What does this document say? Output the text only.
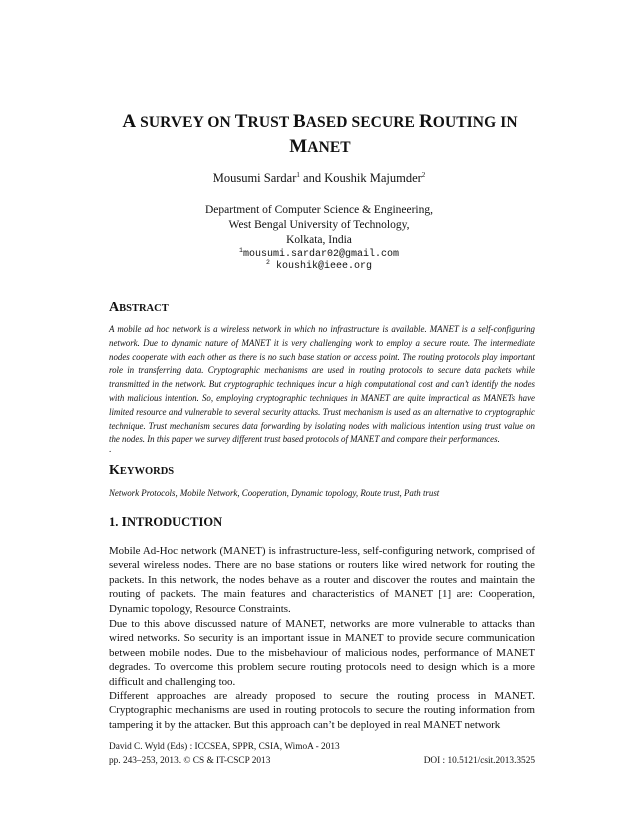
A SURVEY ON TRUST BASED SECURE ROUTING IN
MANET
Mousumi Sardar$^1$ and Koushik Majumder$^2$
Department of Computer Science & Engineering,
West Bengal University of Technology,
Kolkata, India
$^1$mousumi.sardar02@gmail.com
$^2$ koushik@ieee.org
ABSTRACT
A mobile ad hoc network is a wireless network in which no infrastructure is available. MANET is a self-configuring network. Due to dynamic nature of MANET it is very challenging work to employ a secure route. The intermediate nodes cooperate with each other as there is no such base station or access point. The routing protocols play important role in transferring data. Cryptographic mechanisms are used in routing protocols to secure data packets while transmitted in the network. But cryptographic techniques incur a high computational cost and can’t identify the nodes with malicious intention. So, employing cryptographic techniques in MANET are quite impractical as MANETs have limited resource and vulnerable to several security attacks. Trust mechanism is used as an alternative to cryptographic technique. Trust mechanism secures data forwarding by isolating nodes with malicious intention using trust value on the nodes. In this paper we survey different trust based protocols of MANET and compare their performances.
.
KEYWORDS
Network Protocols, Mobile Network, Cooperation, Dynamic topology, Route trust, Path trust
1. INTRODUCTION
Mobile Ad-Hoc network (MANET) is infrastructure-less, self-configuring network, comprised of several wireless nodes. There are no base stations or routers like wired network for routing the packets. In this network, the nodes behave as a router and discover the routes and maintain the routing of packets. The main features and characteristics of MANET [1] are: Cooperation, Dynamic topology, Resource Constraints.
Due to this above discussed nature of MANET, networks are more vulnerable to attacks than wired networks. So security is an important issue in MANET to provide secure communication between mobile nodes. Due to the misbehaviour of malicious nodes, performance of MANET degrades. To overcome this problem secure routing protocols need to design which is a more difficult and challenging too.
Different approaches are already proposed to secure the routing process in MANET. Cryptographic mechanisms are used in routing protocols to secure the routing information from tampering it by the attacker. But this approach can’t be deployed in real MANET network
David C. Wyld (Eds) : ICCSEA, SPPR, CSIA, WimoA - 2013
pp. 243–253, 2013. © CS & IT-CSCP 2013	DOI : 10.5121/csit.2013.3525
